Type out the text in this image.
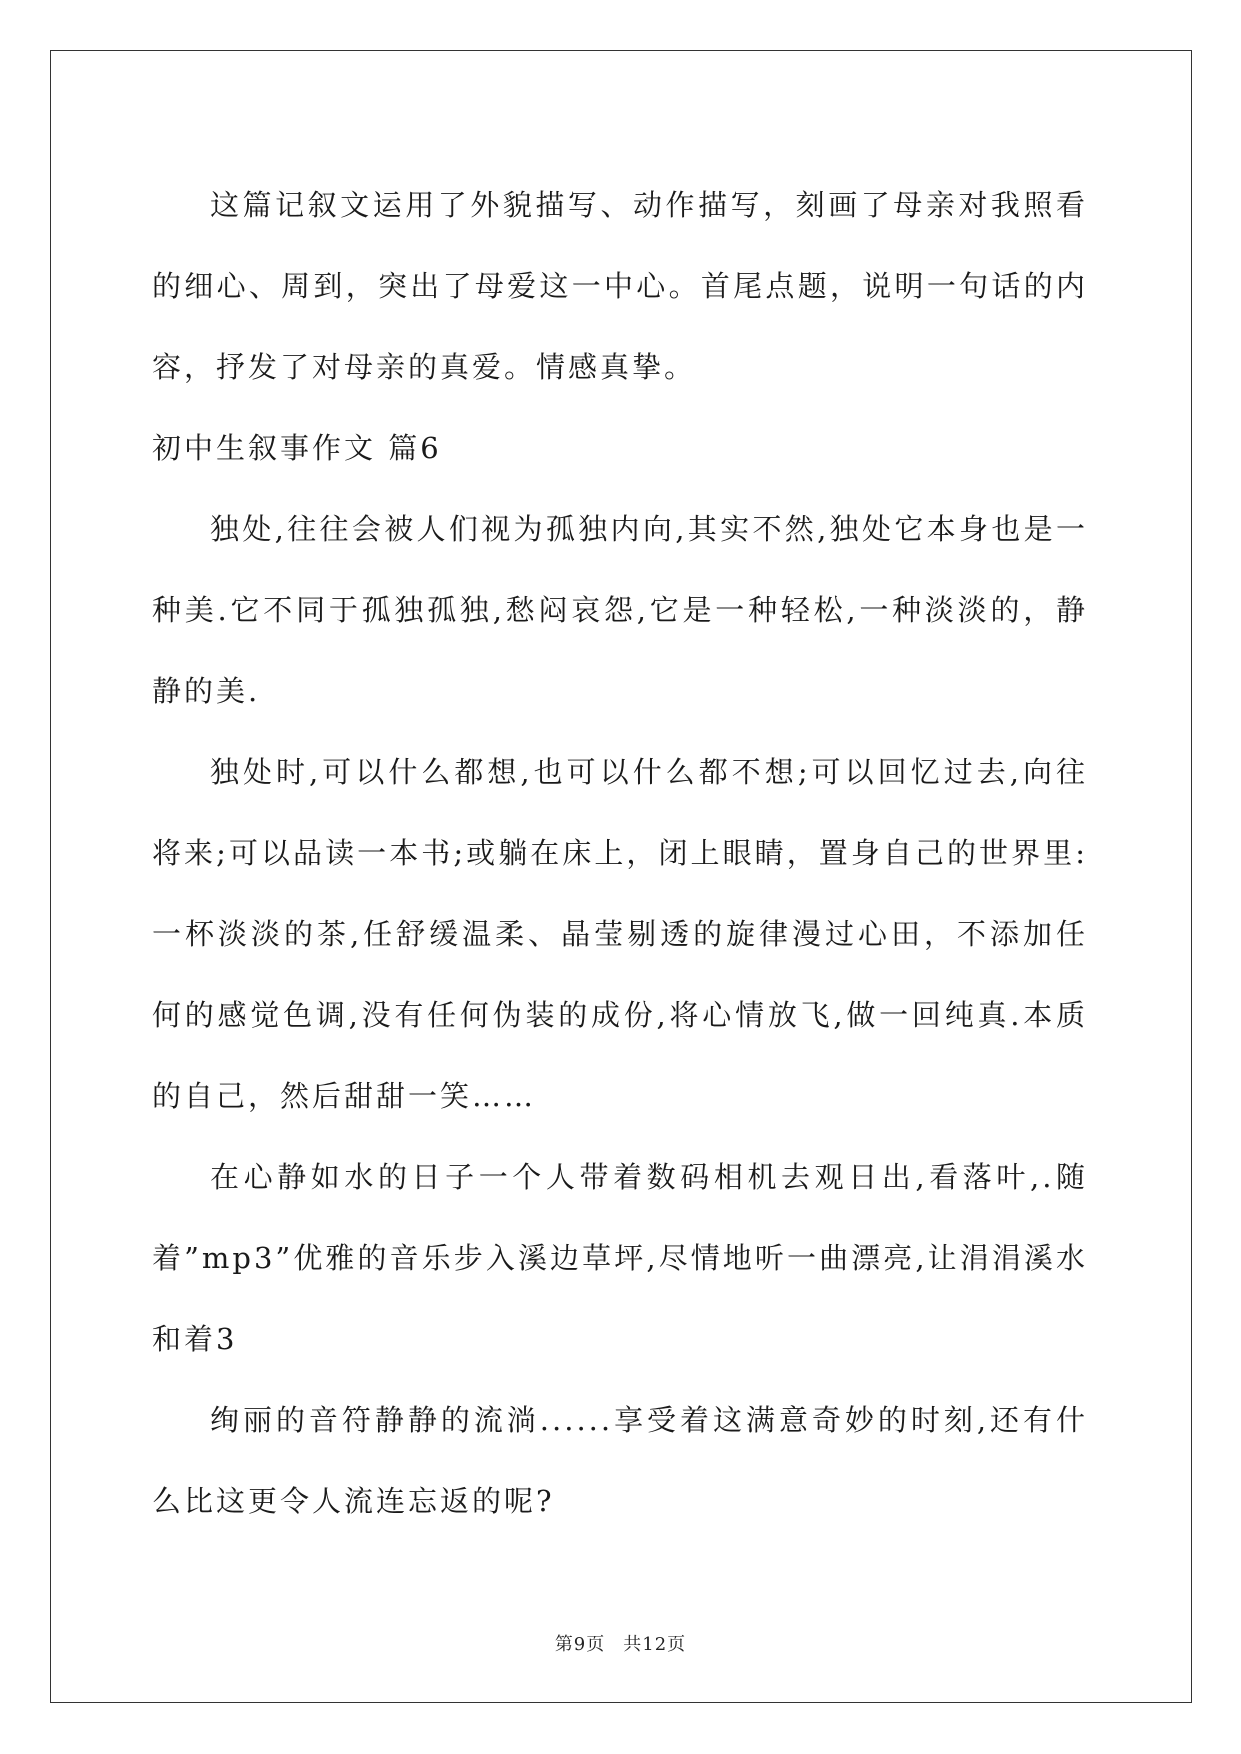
这篇记叙文运用了外貌描写、动作描写，刻画了母亲对我照看的细心、周到，突出了母爱这一中心。首尾点题，说明一句话的内容，抒发了对母亲的真爱。情感真挚。

初中生叙事作文 篇6

独处,往往会被人们视为孤独内向,其实不然,独处它本身也是一种美.它不同于孤独孤独,愁闷哀怨,它是一种轻松,一种淡淡的，静静的美.

独处时,可以什么都想,也可以什么都不想;可以回忆过去,向往将来;可以品读一本书;或躺在床上，闭上眼睛，置身自己的世界里:一杯淡淡的茶,任舒缓温柔、晶莹剔透的旋律漫过心田，不添加任何的感觉色调,没有任何伪装的成份,将心情放飞,做一回纯真.本质的自己，然后甜甜一笑……

在心静如水的日子一个人带着数码相机去观日出,看落叶,.随着”mp3”优雅的音乐步入溪边草坪,尽情地听一曲漂亮,让涓涓溪水和着3

绚丽的音符静静的流淌......享受着这满意奇妙的时刻,还有什么比这更令人流连忘返的呢?

第9页 共12页
